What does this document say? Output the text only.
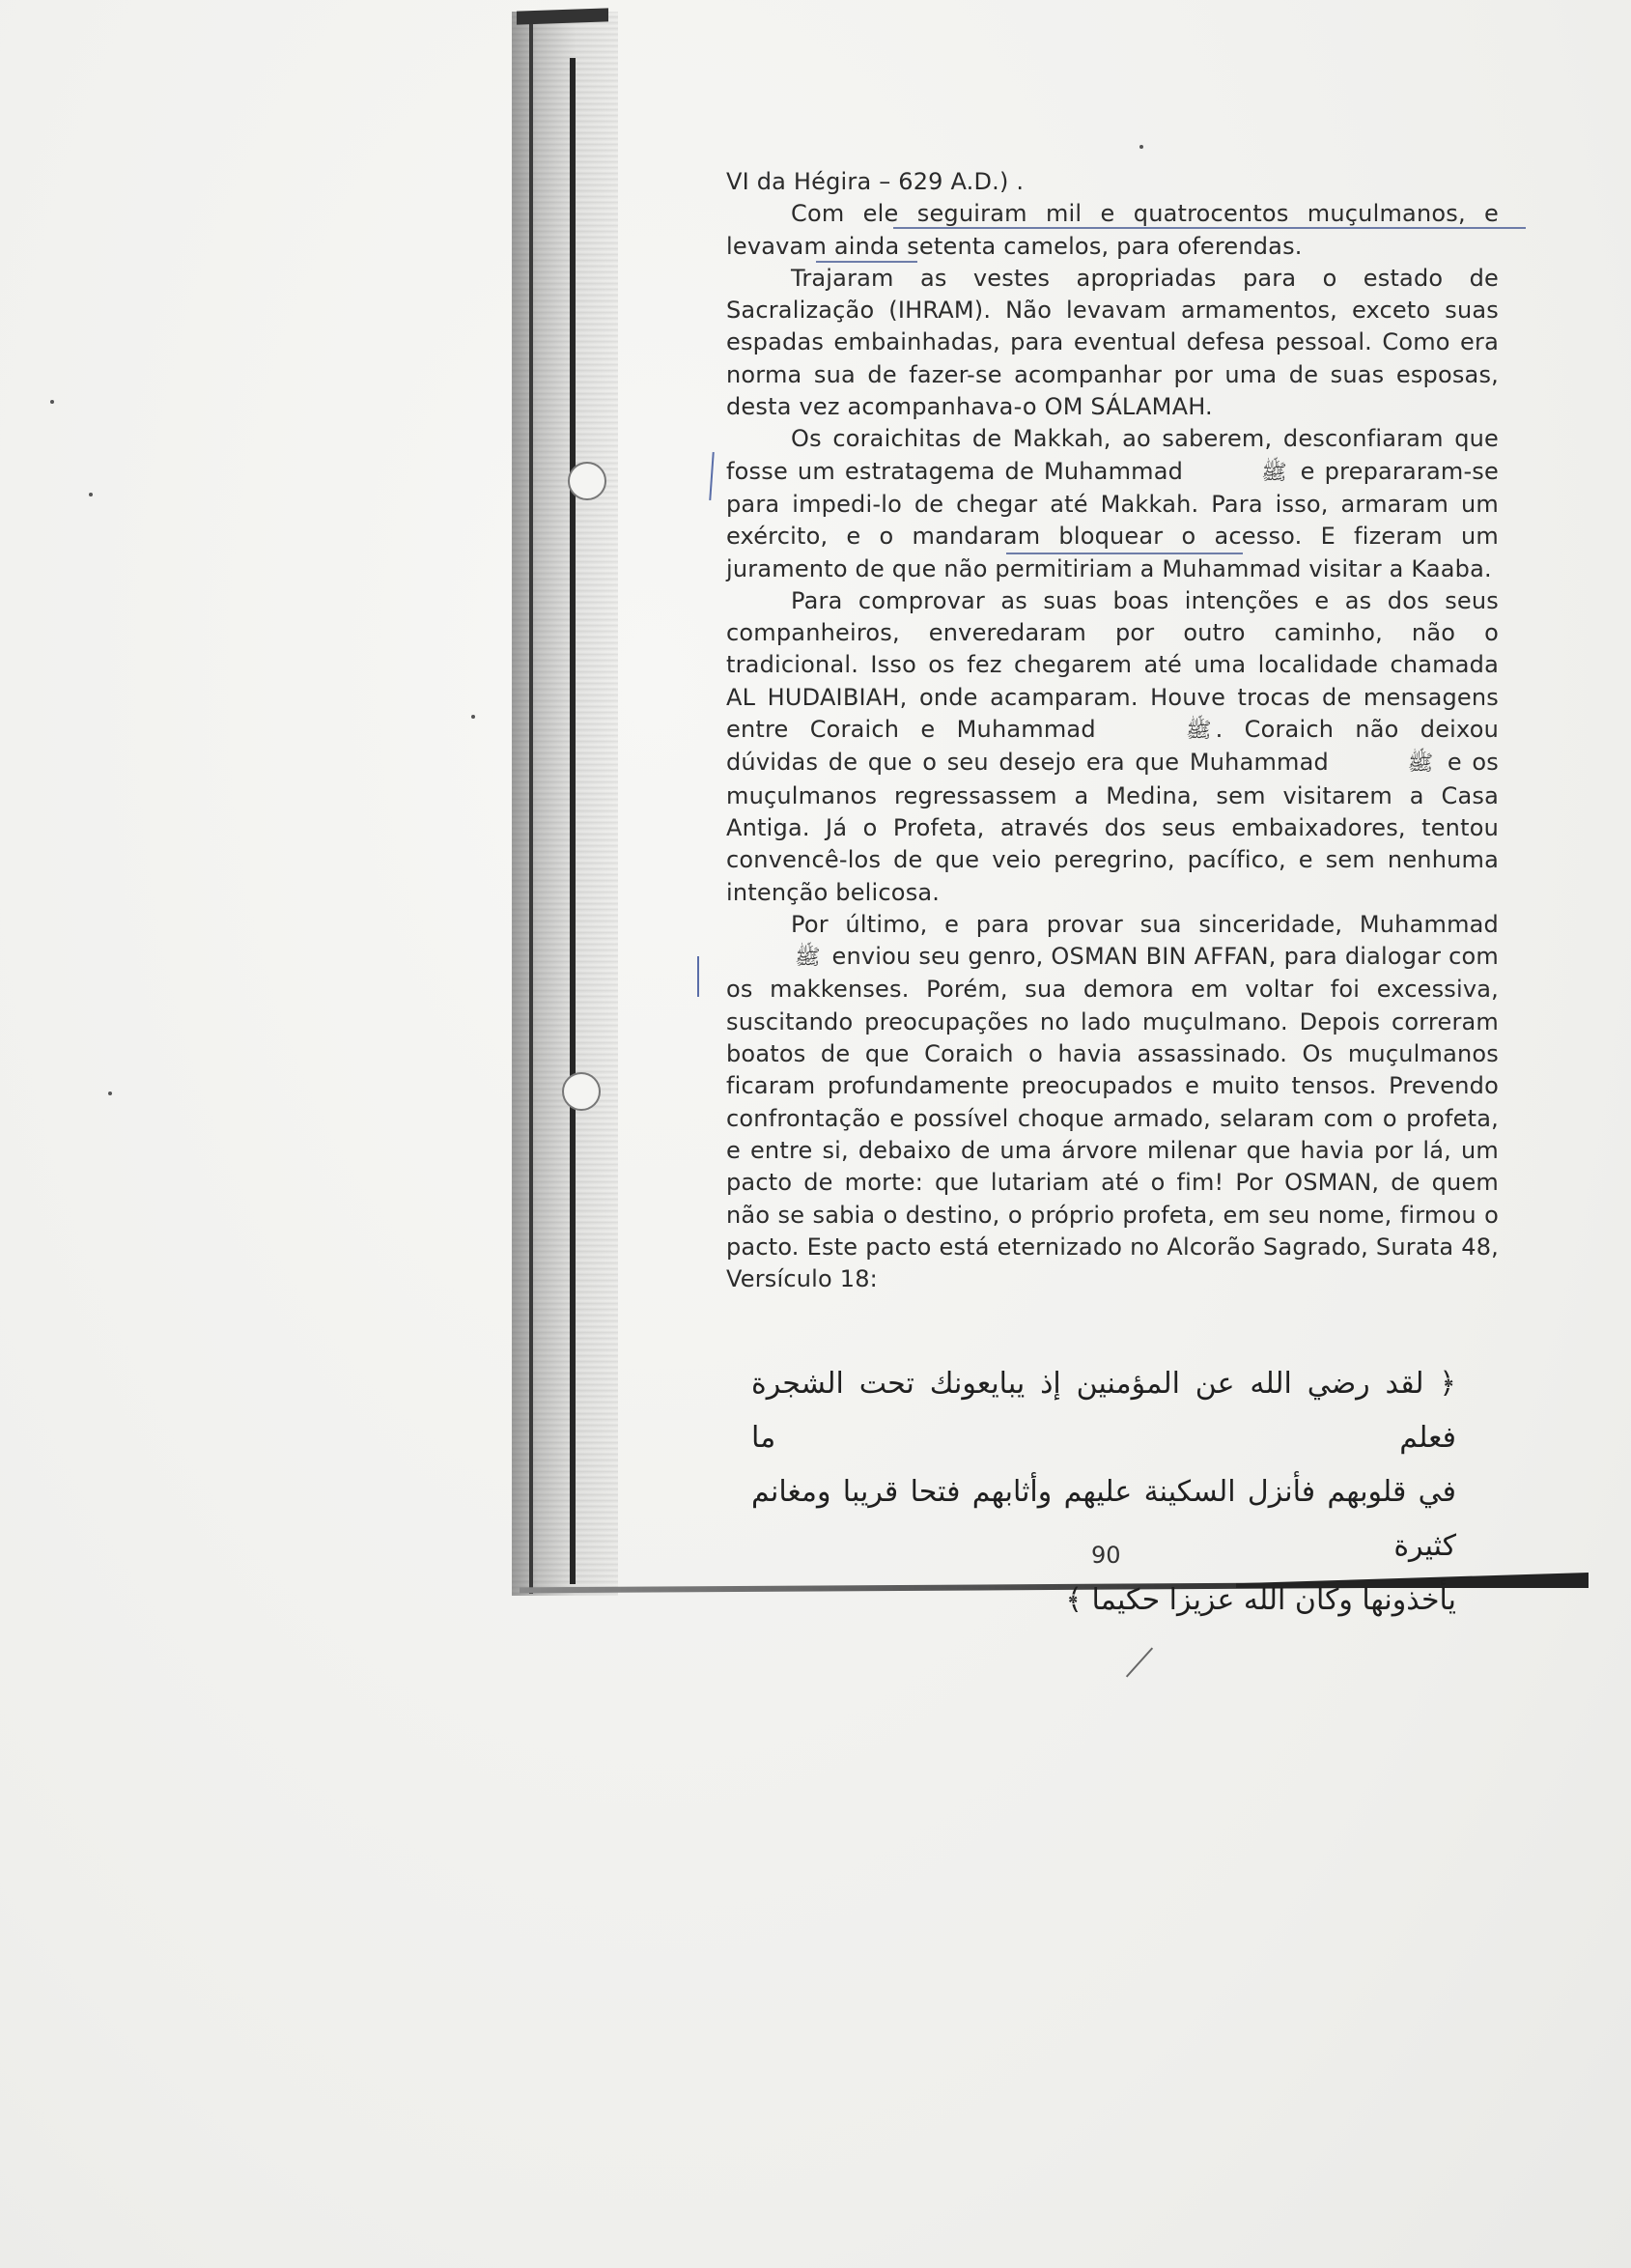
VI da Hégira – 629 A.D.) .

Com ele seguiram mil e quatrocentos muçulmanos, e levavam ainda setenta camelos, para oferendas.

Trajaram as vestes apropriadas para o estado de Sacralização (IHRAM). Não levavam armamentos, exceto suas espadas embainhadas, para eventual defesa pessoal. Como era norma sua de fazer-se acompanhar por uma de suas esposas, desta vez acompanhava-o OM SÁLAMAH.

Os coraichitas de Makkah, ao saberem, desconfiaram que fosse um estratagema de Muhammad	ﷺ e prepararam-se para impedi-lo de chegar até Makkah. Para isso, armaram um exército, e o mandaram bloquear o acesso. E fizeram um juramento de que não permitiriam a Muhammad visitar a Kaaba.

Para comprovar as suas boas intenções e as dos seus companheiros, enveredaram por outro caminho, não o tradicional. Isso os fez chegarem até uma localidade chamada AL HUDAIBIAH, onde acamparam. Houve trocas de mensagens entre Coraich e Muhammad	ﷺ . Coraich não deixou dúvidas de que o seu desejo era que Muhammad	ﷺ e os muçulmanos regressassem a Medina, sem visitarem a Casa Antiga. Já o Profeta, através dos seus embaixadores, tentou convencê-los de que veio peregrino, pacífico, e sem nenhuma intenção belicosa.

Por último, e para provar sua sinceridade, Muhammad ﷺ enviou seu genro, OSMAN BIN AFFAN, para dialogar com os makkenses. Porém, sua demora em voltar foi excessiva, suscitando preocupações no lado muçulmano. Depois correram boatos de que Coraich o havia assassinado. Os muçulmanos ficaram profundamente preocupados e muito tensos. Prevendo confrontação e possível choque armado, selaram com o profeta, e entre si, debaixo de uma árvore milenar que havia por lá, um pacto de morte: que lutariam até o fim! Por OSMAN, de quem não se sabia o destino, o próprio profeta, em seu nome, firmou o pacto. Este pacto está eternizado no Alcorão Sagrado, Surata 48, Versículo 18:

﴿ لقد رضي الله عن المؤمنين إذ يبايعونك تحت الشجرة فعلم ما

في قلوبهم فأنزل السكينة عليهم وأثابهم فتحا قريبا ومغانم كثيرة

يأخذونها وكان الله عزيزا حكيما ﴾

90
